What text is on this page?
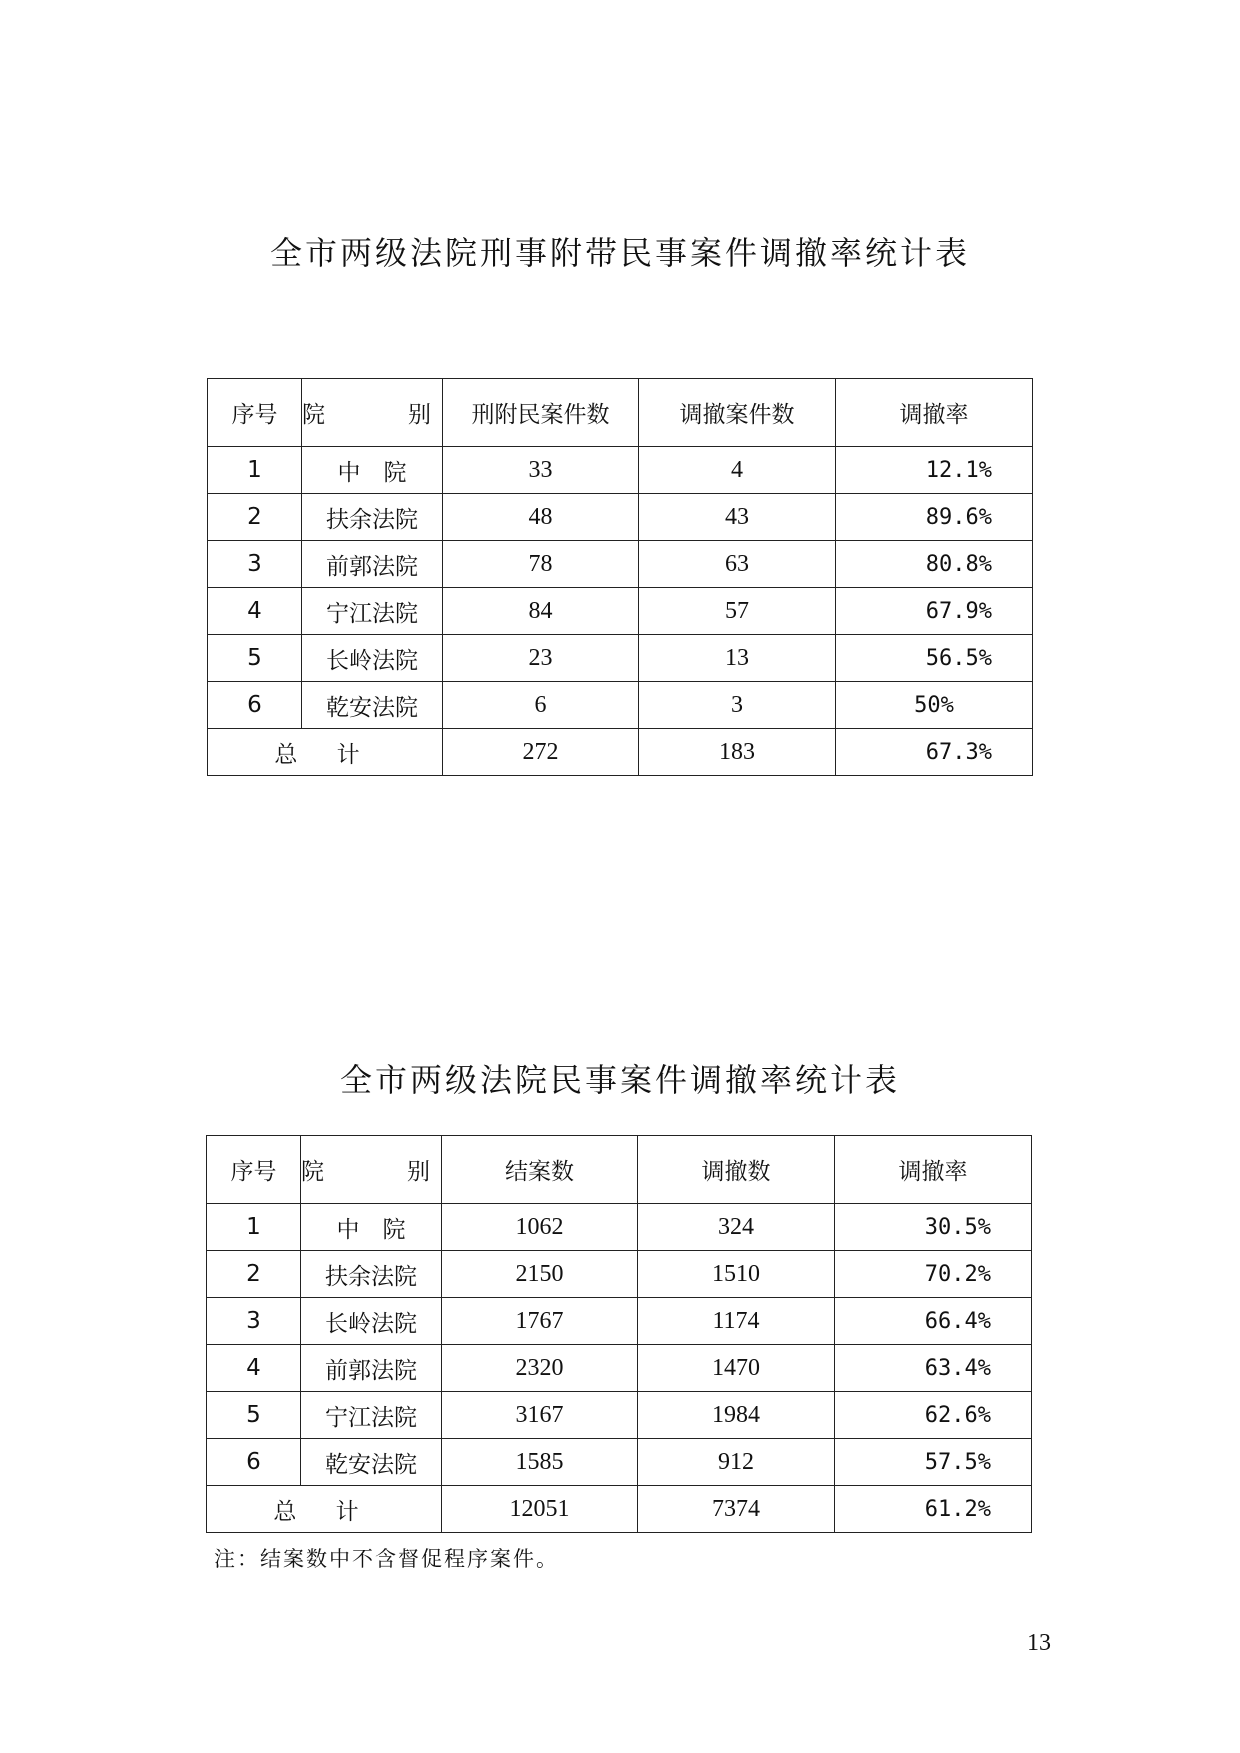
全市两级法院刑事附带民事案件调撤率统计表
序号	院　别	刑附民案件数	调撤案件数	调撤率
1	中　院	33	4	12.1%
2	扶余法院	48	43	89.6%
3	前郭法院	78	63	80.8%
4	宁江法院	84	57	67.9%
5	长岭法院	23	13	56.5%
6	乾安法院	6	3	50%
总 计		272	183	67.3%
全市两级法院民事案件调撤率统计表
序号	院　别	结案数	调撤数	调撤率
1	中　院	1062	324	30.5%
2	扶余法院	2150	1510	70.2%
3	长岭法院	1767	1174	66.4%
4	前郭法院	2320	1470	63.4%
5	宁江法院	3167	1984	62.6%
6	乾安法院	1585	912	57.5%
总 计		12051	7374	61.2%

注：结案数中不含督促程序案件。

13
